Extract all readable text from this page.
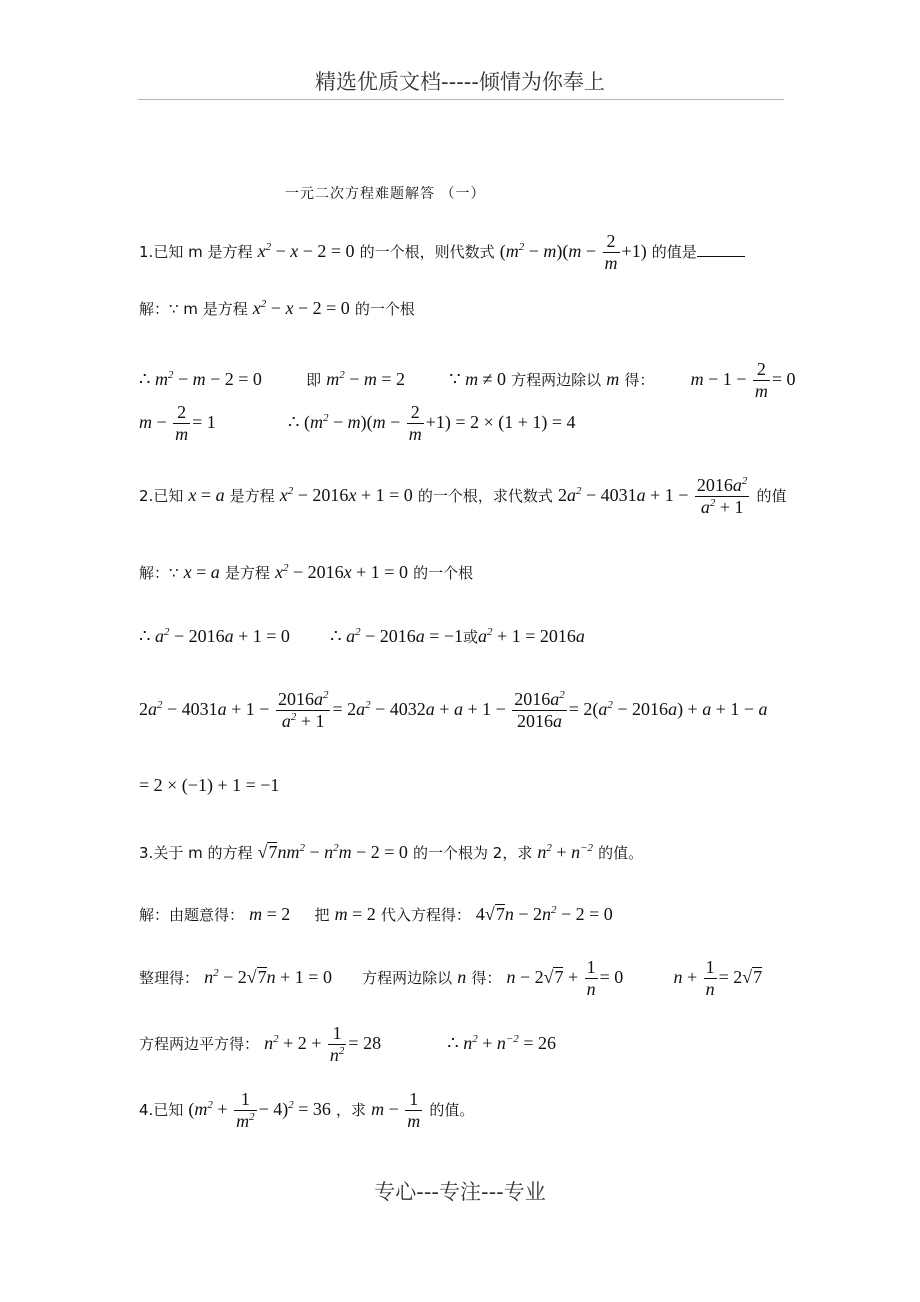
精选优质文档-----倾情为你奉上
一元二次方程难题解答 （一）
1.已知 m 是方程 $x^2 - x - 2 = 0$ 的一个根，则代数式 $(m^2 - m)(m - \frac{2}{m} +1)$ 的值是
解：∵ m 是方程 $x^2 - x - 2 = 0$ 的一个根
∴ $m^2 - m - 2 = 0$	即 $m^2 - m = 2$ ∵ m ≠ 0 方程两边除以 m 得： $m - 1 - \frac{2}{m} = 0$
$m - \frac{2}{m} = 1$	∴ $(m^2 - m)(m - \frac{2}{m} +1) = 2 \times (1 + 1) = 4$
2.已知 x = a 是方程 $x^2 - 2016x + 1 = 0$ 的一个根，求代数式 $2a^2 - 4031a + 1 - \frac{2016a^2}{a^2 + 1}$ 的值
解：∵ x = a 是方程 $x^2 - 2016x + 1 = 0$ 的一个根
∴ $a^2 - 2016a + 1 = 0$ ∴ $a^2 - 2016a = -1$或$a^2 + 1 = 2016a$
$2a^2 - 4031a + 1 - \frac{2016a^2}{a^2 + 1} = 2a^2 - 4032a + a + 1 - \frac{2016a^2}{2016a} = 2(a^2 - 2016a) + a + 1 - a$
= 2 × (−1) + 1 = −1
3.关于 m 的方程 $√7nm^2 - n^2m - 2 = 0$ 的一个根为 2，求 $n^2 + n^{-2}$ 的值。
解：由题意得： m = 2 把 m = 2 代入方程得： $4√7n - 2n^2 - 2 = 0$
整理得： $n^2 - 2√7n + 1 = 0$ 方程两边除以 n 得： $n - 2√7 + \frac{1}{n} = 0$	$n + \frac{1}{n} = 2√7$
方程两边平方得： $n^2 + 2 + \frac{1}{n^2} = 28$	∴ $n^2 + n^{-2} = 26$
4.已知 $(m^2 + \frac{1}{m^2} - 4)^2 = 36$ ，求 $m - \frac{1}{m}$ 的值。
专心---专注---专业
